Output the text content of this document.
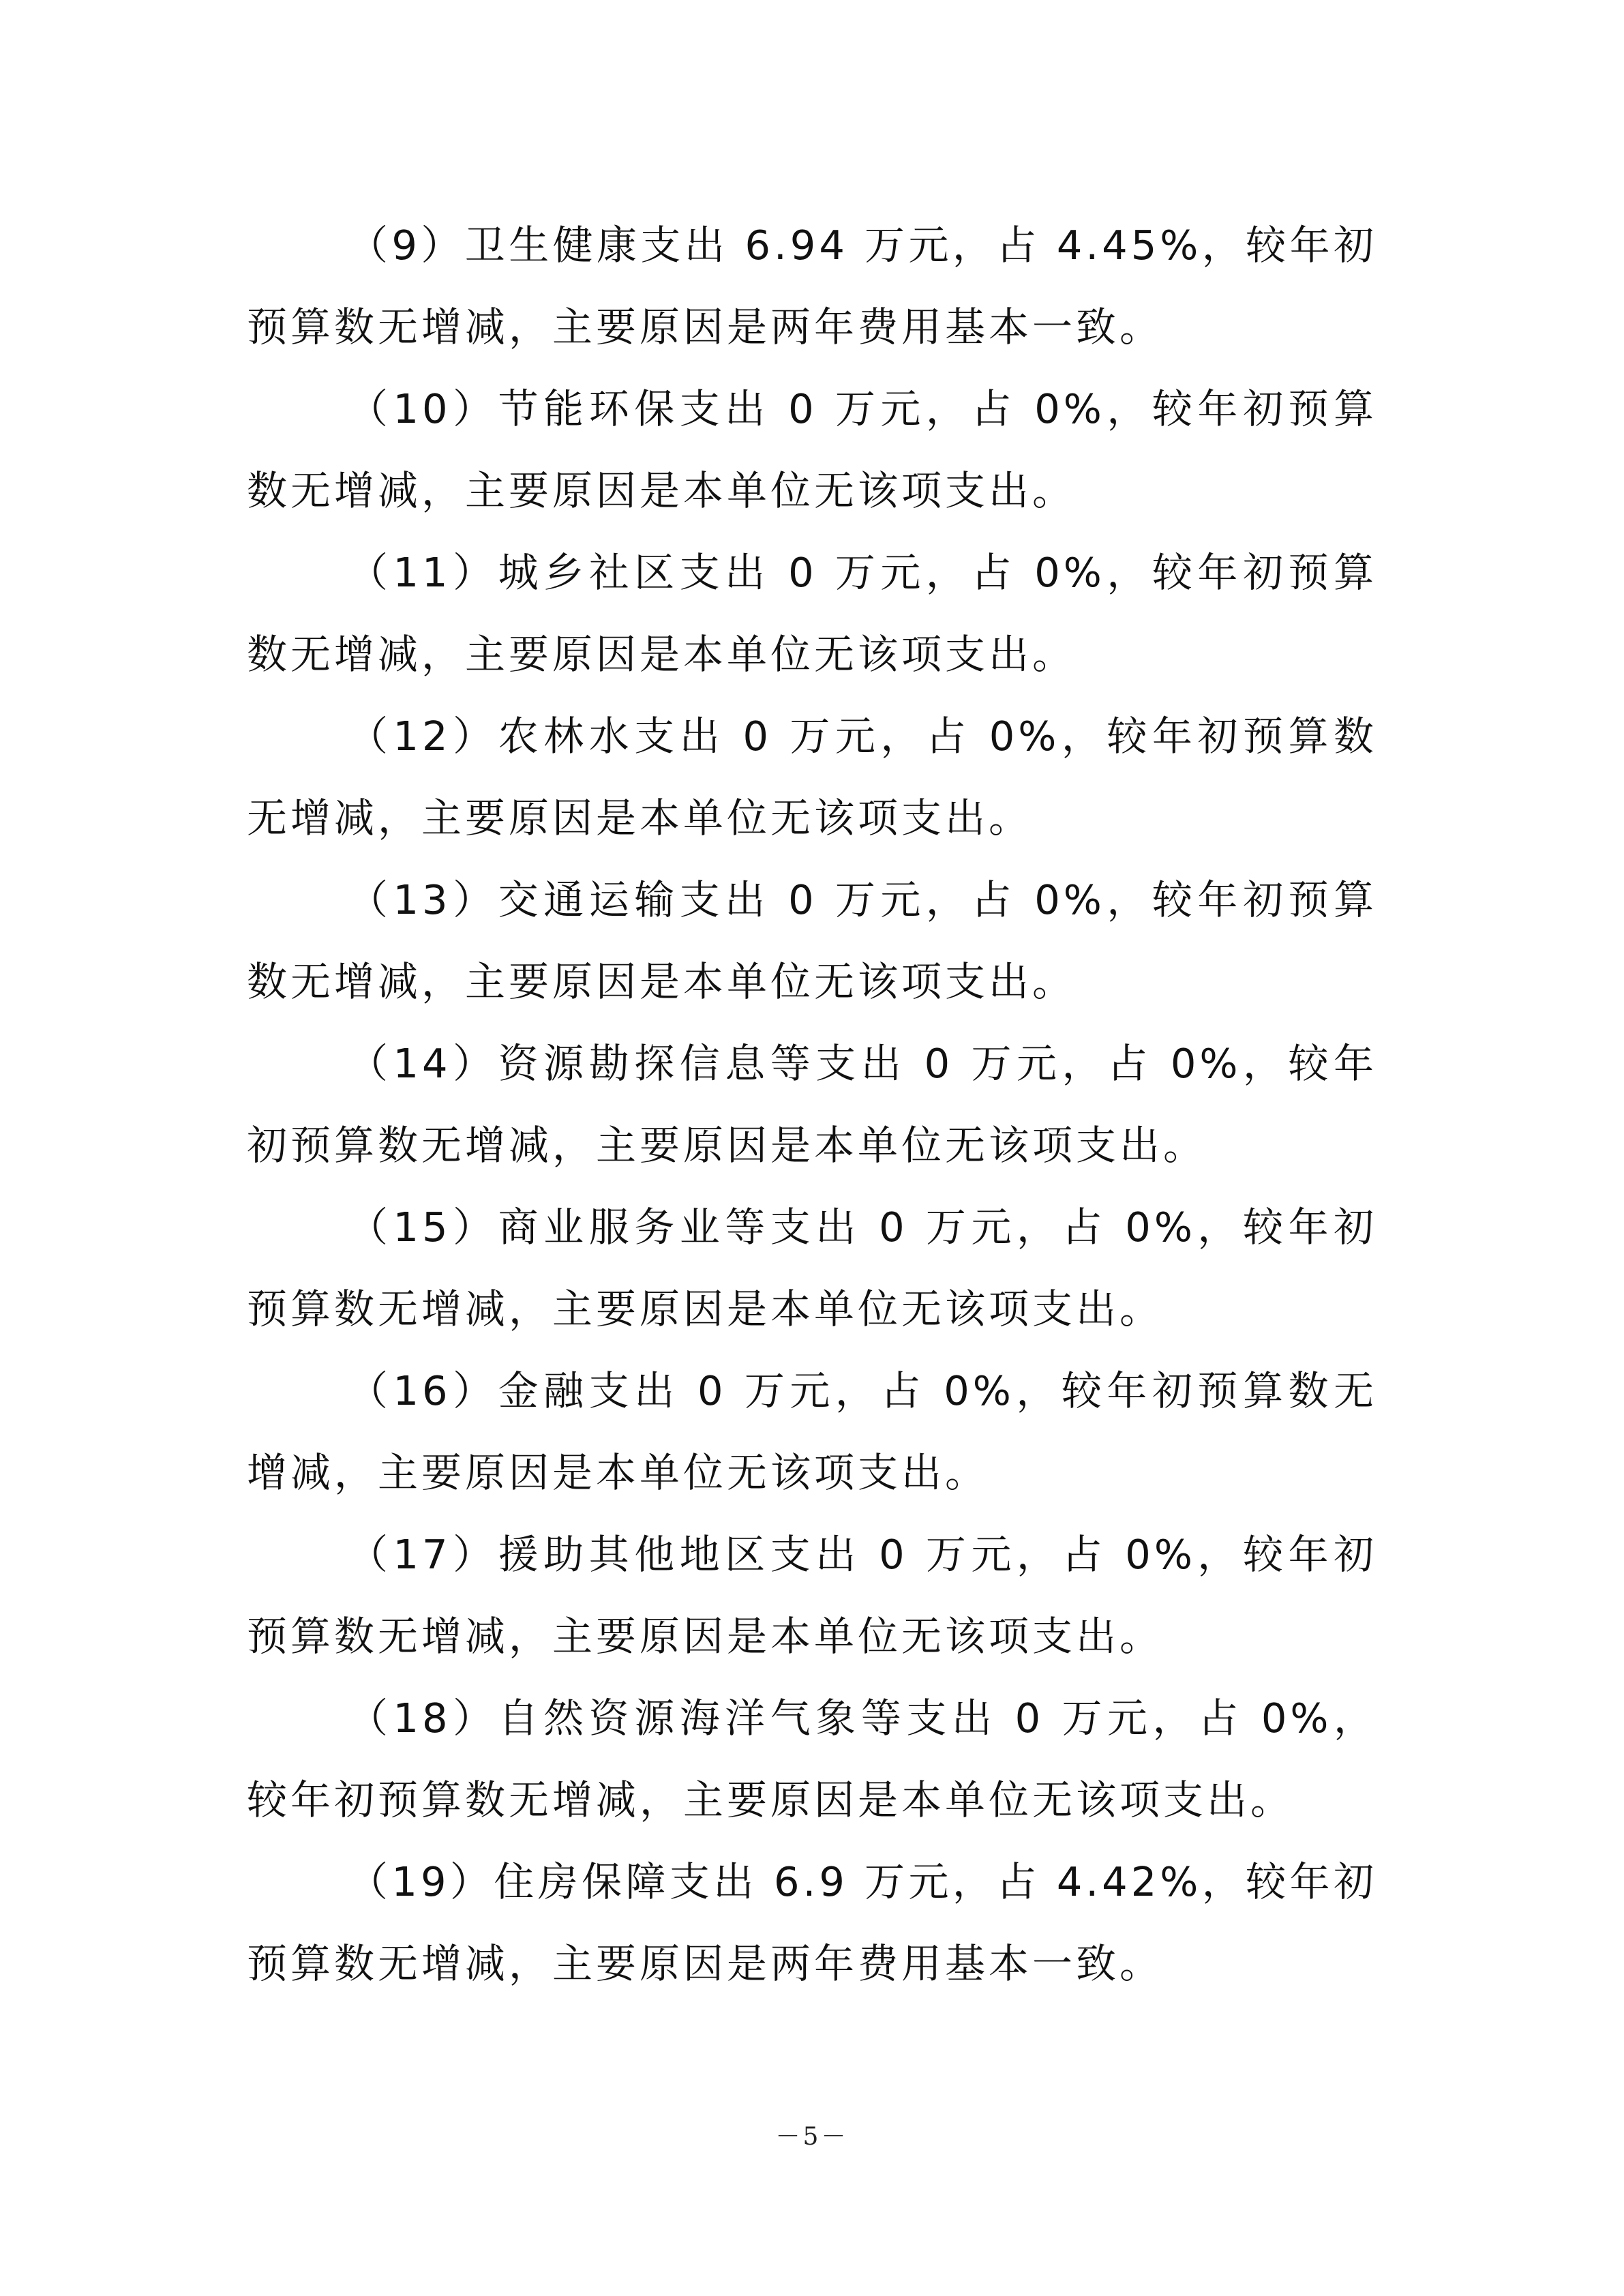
（9）卫生健康支出 6.94 万元，占 4.45%，较年初预算数无增减，主要原因是两年费用基本一致。

（10）节能环保支出 0 万元，占 0%，较年初预算数无增减，主要原因是本单位无该项支出。

（11）城乡社区支出 0 万元，占 0%，较年初预算数无增减，主要原因是本单位无该项支出。

（12）农林水支出 0 万元，占 0%，较年初预算数无增减，主要原因是本单位无该项支出。

（13）交通运输支出 0 万元，占 0%，较年初预算数无增减，主要原因是本单位无该项支出。

（14）资源勘探信息等支出 0 万元，占 0%，较年初预算数无增减，主要原因是本单位无该项支出。

（15）商业服务业等支出 0 万元，占 0%，较年初预算数无增减，主要原因是本单位无该项支出。

（16）金融支出 0 万元，占 0%，较年初预算数无增减，主要原因是本单位无该项支出。

（17）援助其他地区支出 0 万元，占 0%，较年初预算数无增减，主要原因是本单位无该项支出。

（18）自然资源海洋气象等支出 0 万元，占 0%，较年初预算数无增减，主要原因是本单位无该项支出。

（19）住房保障支出 6.9 万元，占 4.42%，较年初预算数无增减，主要原因是两年费用基本一致。

－5－
